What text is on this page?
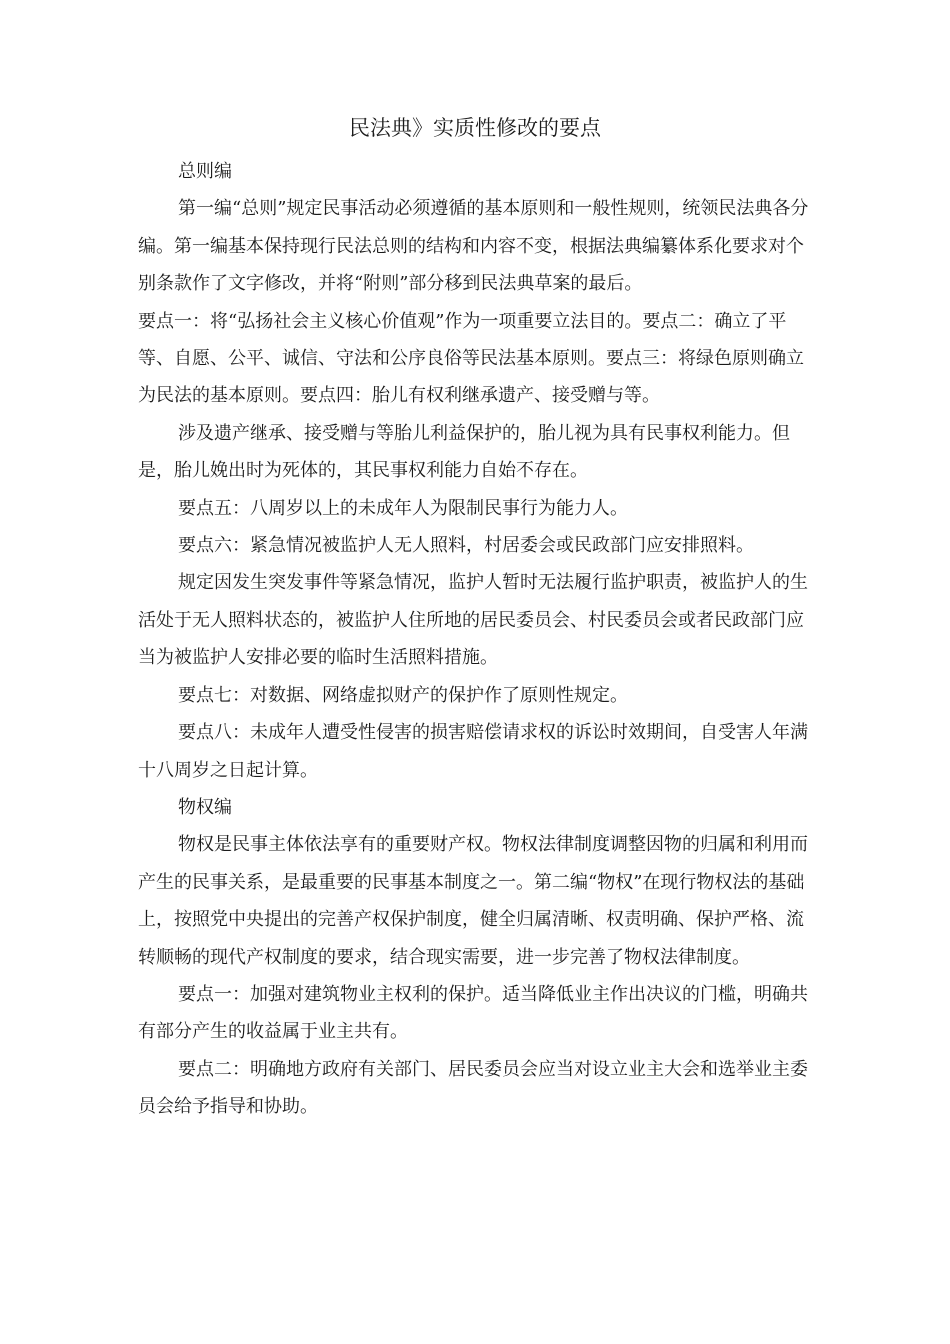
民法典》实质性修改的要点

总则编

第一编“总则”规定民事活动必须遵循的基本原则和一般性规则，统领民法典各分编。第一编基本保持现行民法总则的结构和内容不变，根据法典编纂体系化要求对个别条款作了文字修改，并将“附则”部分移到民法典草案的最后。

要点一：将“弘扬社会主义核心价值观”作为一项重要立法目的。要点二：确立了平等、自愿、公平、诚信、守法和公序良俗等民法基本原则。要点三：将绿色原则确立为民法的基本原则。要点四：胎儿有权利继承遗产、接受赠与等。

涉及遗产继承、接受赠与等胎儿利益保护的，胎儿视为具有民事权利能力。但是，胎儿娩出时为死体的，其民事权利能力自始不存在。

要点五：八周岁以上的未成年人为限制民事行为能力人。

要点六：紧急情况被监护人无人照料，村居委会或民政部门应安排照料。

规定因发生突发事件等紧急情况，监护人暂时无法履行监护职责，被监护人的生活处于无人照料状态的，被监护人住所地的居民委员会、村民委员会或者民政部门应当为被监护人安排必要的临时生活照料措施。

要点七：对数据、网络虚拟财产的保护作了原则性规定。

要点八：未成年人遭受性侵害的损害赔偿请求权的诉讼时效期间，自受害人年满十八周岁之日起计算。

物权编

物权是民事主体依法享有的重要财产权。物权法律制度调整因物的归属和利用而产生的民事关系，是最重要的民事基本制度之一。第二编“物权”在现行物权法的基础上，按照党中央提出的完善产权保护制度，健全归属清晰、权责明确、保护严格、流转顺畅的现代产权制度的要求，结合现实需要，进一步完善了物权法律制度。

要点一：加强对建筑物业主权利的保护。适当降低业主作出决议的门槛，明确共有部分产生的收益属于业主共有。

要点二：明确地方政府有关部门、居民委员会应当对设立业主大会和选举业主委员会给予指导和协助。
